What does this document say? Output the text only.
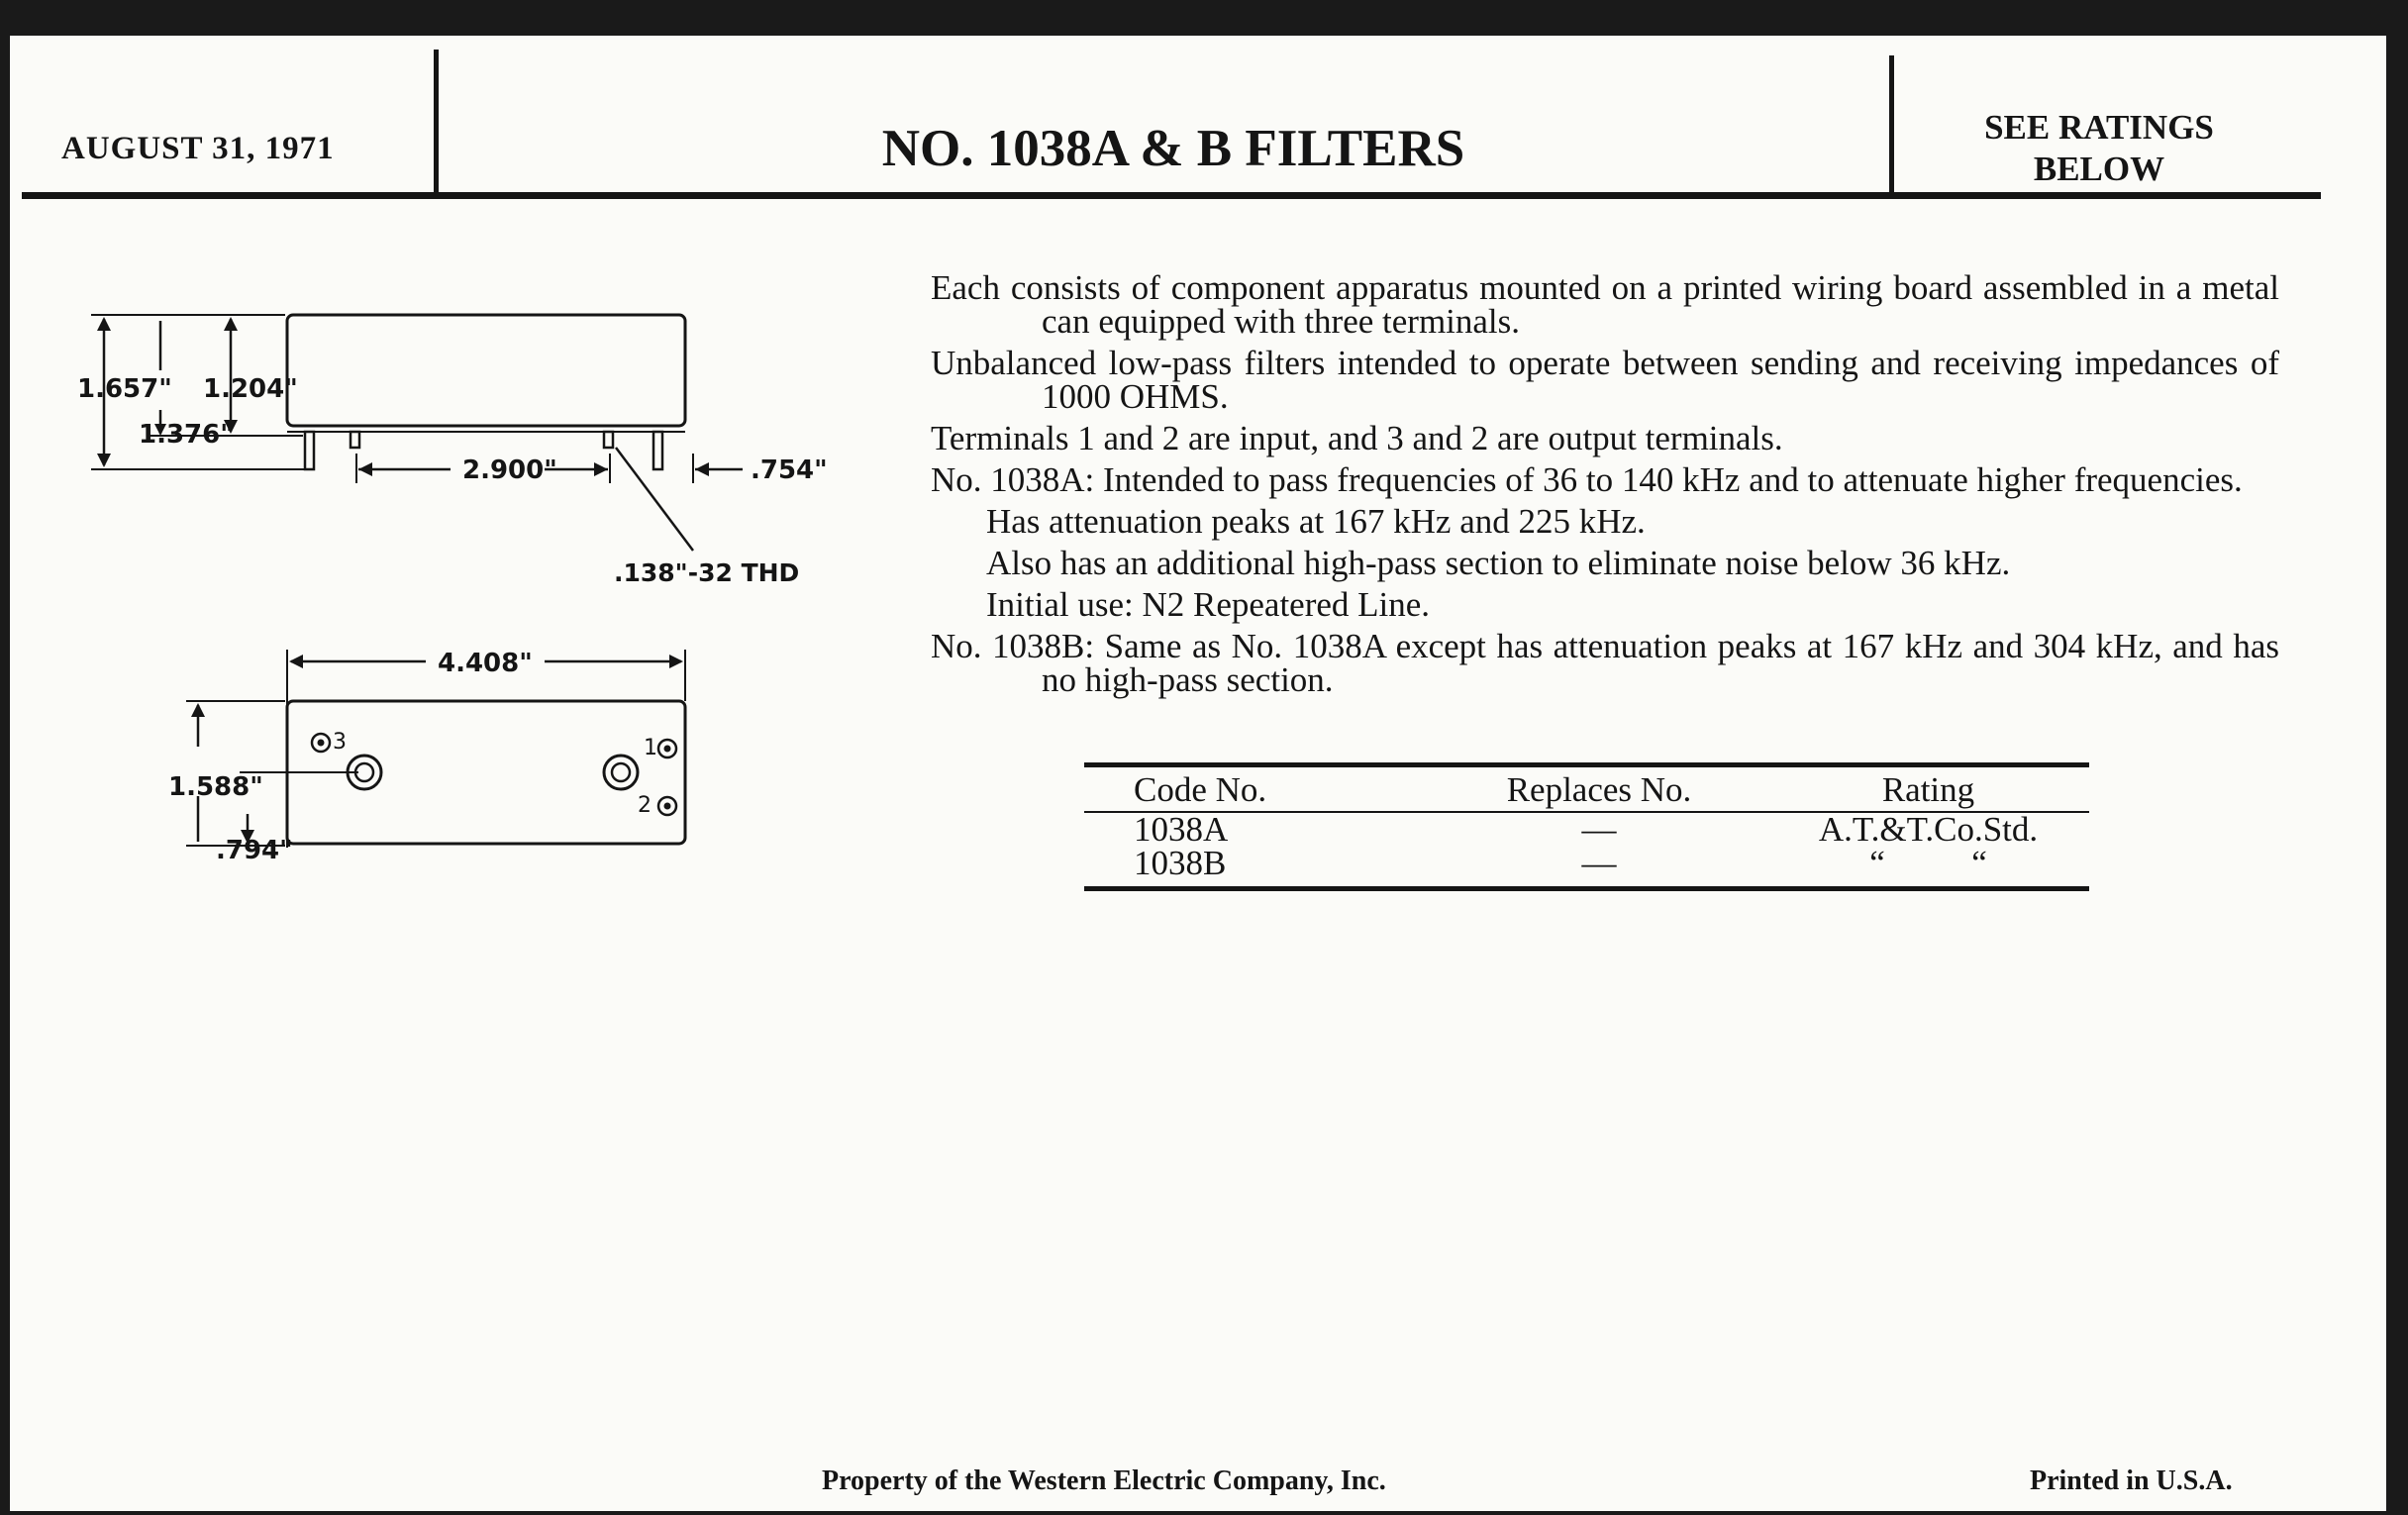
AUGUST 31, 1971	NO. 1038A & B FILTERS	SEE RATINGS
BELOW
1.657" 1.204"
1.376"
2.900"	.754"
.138"-32 THD
4.408"
1.588"
.794"
3	1
2
Each consists of component apparatus mounted on a printed wiring board assembled in a metal can equipped with three terminals.
Unbalanced low-pass filters intended to operate between sending and receiving impedances of 1000 OHMS.
Terminals 1 and 2 are input, and 3 and 2 are output terminals.
No. 1038A: Intended to pass frequencies of 36 to 140 kHz and to attenuate higher frequencies.
Has attenuation peaks at 167 kHz and 225 kHz.
Also has an additional high-pass section to eliminate noise below 36 kHz.
Initial use: N2 Repeatered Line.
No. 1038B: Same as No. 1038A except has attenuation peaks at 167 kHz and 304 kHz, and has no high-pass section.
Code No.	Replaces No.	Rating
1038A	—	A.T.&T.Co.Std.
1038B	—	“          “
Property of the Western Electric Company, Inc.	Printed in U.S.A.
